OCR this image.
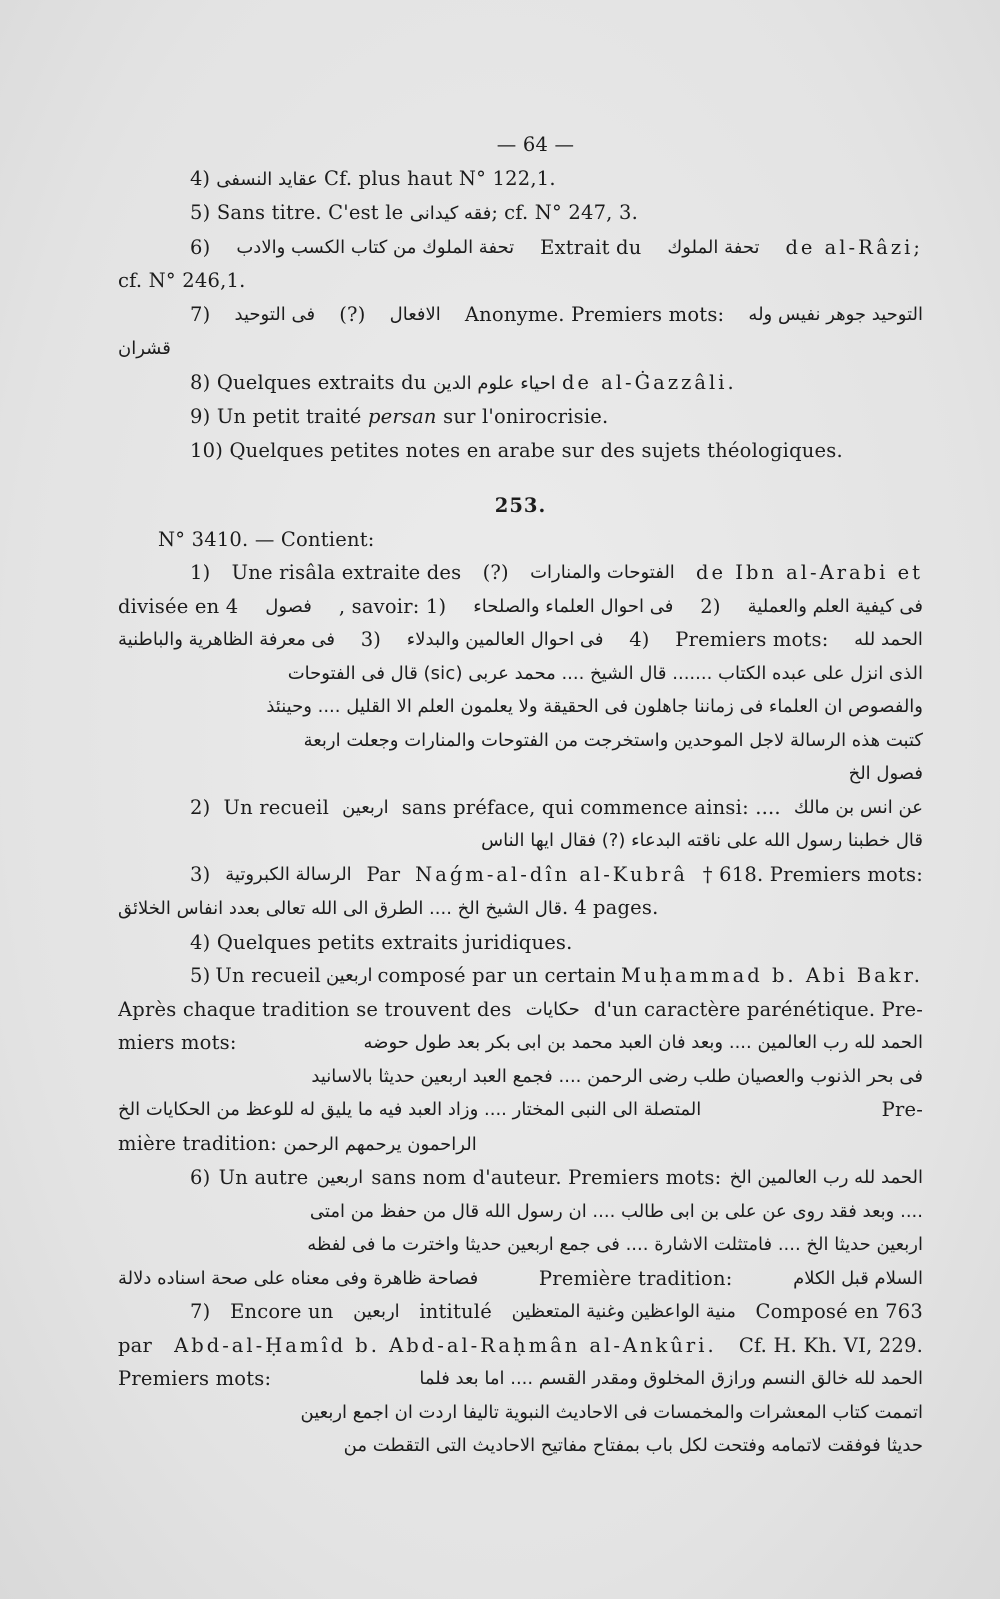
— 64 —
4) عقايد النسفى Cf. plus haut N° 122,1.
5) Sans titre. C'est le فقه كيدانى; cf. N° 247, 3.
6) تحفة الملوك من كتاب الكسب والادب Extrait du تحفة الملوك de al-Râzi;
cf. N° 246,1.
7) فى التوحيد (?) الافعال Anonyme. Premiers mots: التوحيد جوهر نفيس وله
قشران
8) Quelques extraits du احياء علوم الدين de al-Ġazzâli.
9) Un petit traité persan sur l'onirocrisie.
10) Quelques petites notes en arabe sur des sujets théologiques.
253.
N° 3410. — Contient:
1) Une risâla extraite des (?) الفتوحات والمنارات de Ibn al-Arabi et
divisée en 4 فصول , savoir: 1) فى احوال العلماء والصلحاء 2) فى كيفية العلم والعملية
فى معرفة الظاهرية والباطنية 3) فى احوال العالمين والبدلاء 4) Premiers mots: الحمد لله
الذى انزل على عبده الكتاب ....... قال الشيخ .... محمد عربى (sic) قال فى الفتوحات
والفصوص ان العلماء فى زماننا جاهلون فى الحقيقة ولا يعلمون العلم الا القليل .... وحينئذ
كتبت هذه الرسالة لاجل الموحدين واستخرجت من الفتوحات والمنارات وجعلت اربعة
فصول الخ
2) Un recueil اربعين sans préface, qui commence ainsi: .... عن انس بن مالك
قال خطبنا رسول الله على ناقته البدعاء (?) فقال ايها الناس
3) الرسالة الكبروتية Par Naǵm-al-dîn al-Kubrâ † 618. Premiers mots:
قال الشيخ الخ .... الطرق الى الله تعالى بعدد انفاس الخلائق. 4 pages.
4) Quelques petits extraits juridiques.
5) Un recueil اربعين composé par un certain Muḥammad b. Abi Bakr.
Après chaque tradition se trouvent des حكايات d'un caractère parénétique. Pre-
miers mots:	الحمد لله رب العالمين .... وبعد فان العبد محمد بن ابى بكر بعد طول حوضه
فى بحر الذنوب والعصيان طلب رضى الرحمن .... فجمع العبد اربعين حديثا بالاسانيد
المتصلة الى النبى المختار .... وزاد العبد فيه ما يليق له للوعظ من الحكايات الخ	Pre-
mière tradition: الراحمون يرحمهم الرحمن
6) Un autre اربعين sans nom d'auteur. Premiers mots: الحمد لله رب العالمين الخ
.... وبعد فقد روى عن على بن ابى طالب .... ان رسول الله قال من حفظ من امتى
اربعين حديثا الخ .... فامتثلت الاشارة .... فى جمع اربعين حديثا واخترت ما فى لفظه
فصاحة ظاهرة وفى معناه على صحة اسناده دلالة	Première tradition:	السلام قبل الكلام
7) Encore un اربعين intitulé منية الواعظين وغنية المتعظين Composé en 763
par Abd-al-Ḥamîd b. Abd-al-Raḥmân al-Ankûri. Cf. H. Kh. VI, 229.
Premiers mots:	الحمد لله خالق النسم ورازق المخلوق ومقدر القسم .... اما بعد فلما
اتممت كتاب المعشرات والمخمسات فى الاحاديث النبوية تاليفا اردت ان اجمع اربعين
حديثا فوفقت لاتمامه وفتحت لكل باب بمفتاح مفاتيح الاحاديث التى التقطت من
